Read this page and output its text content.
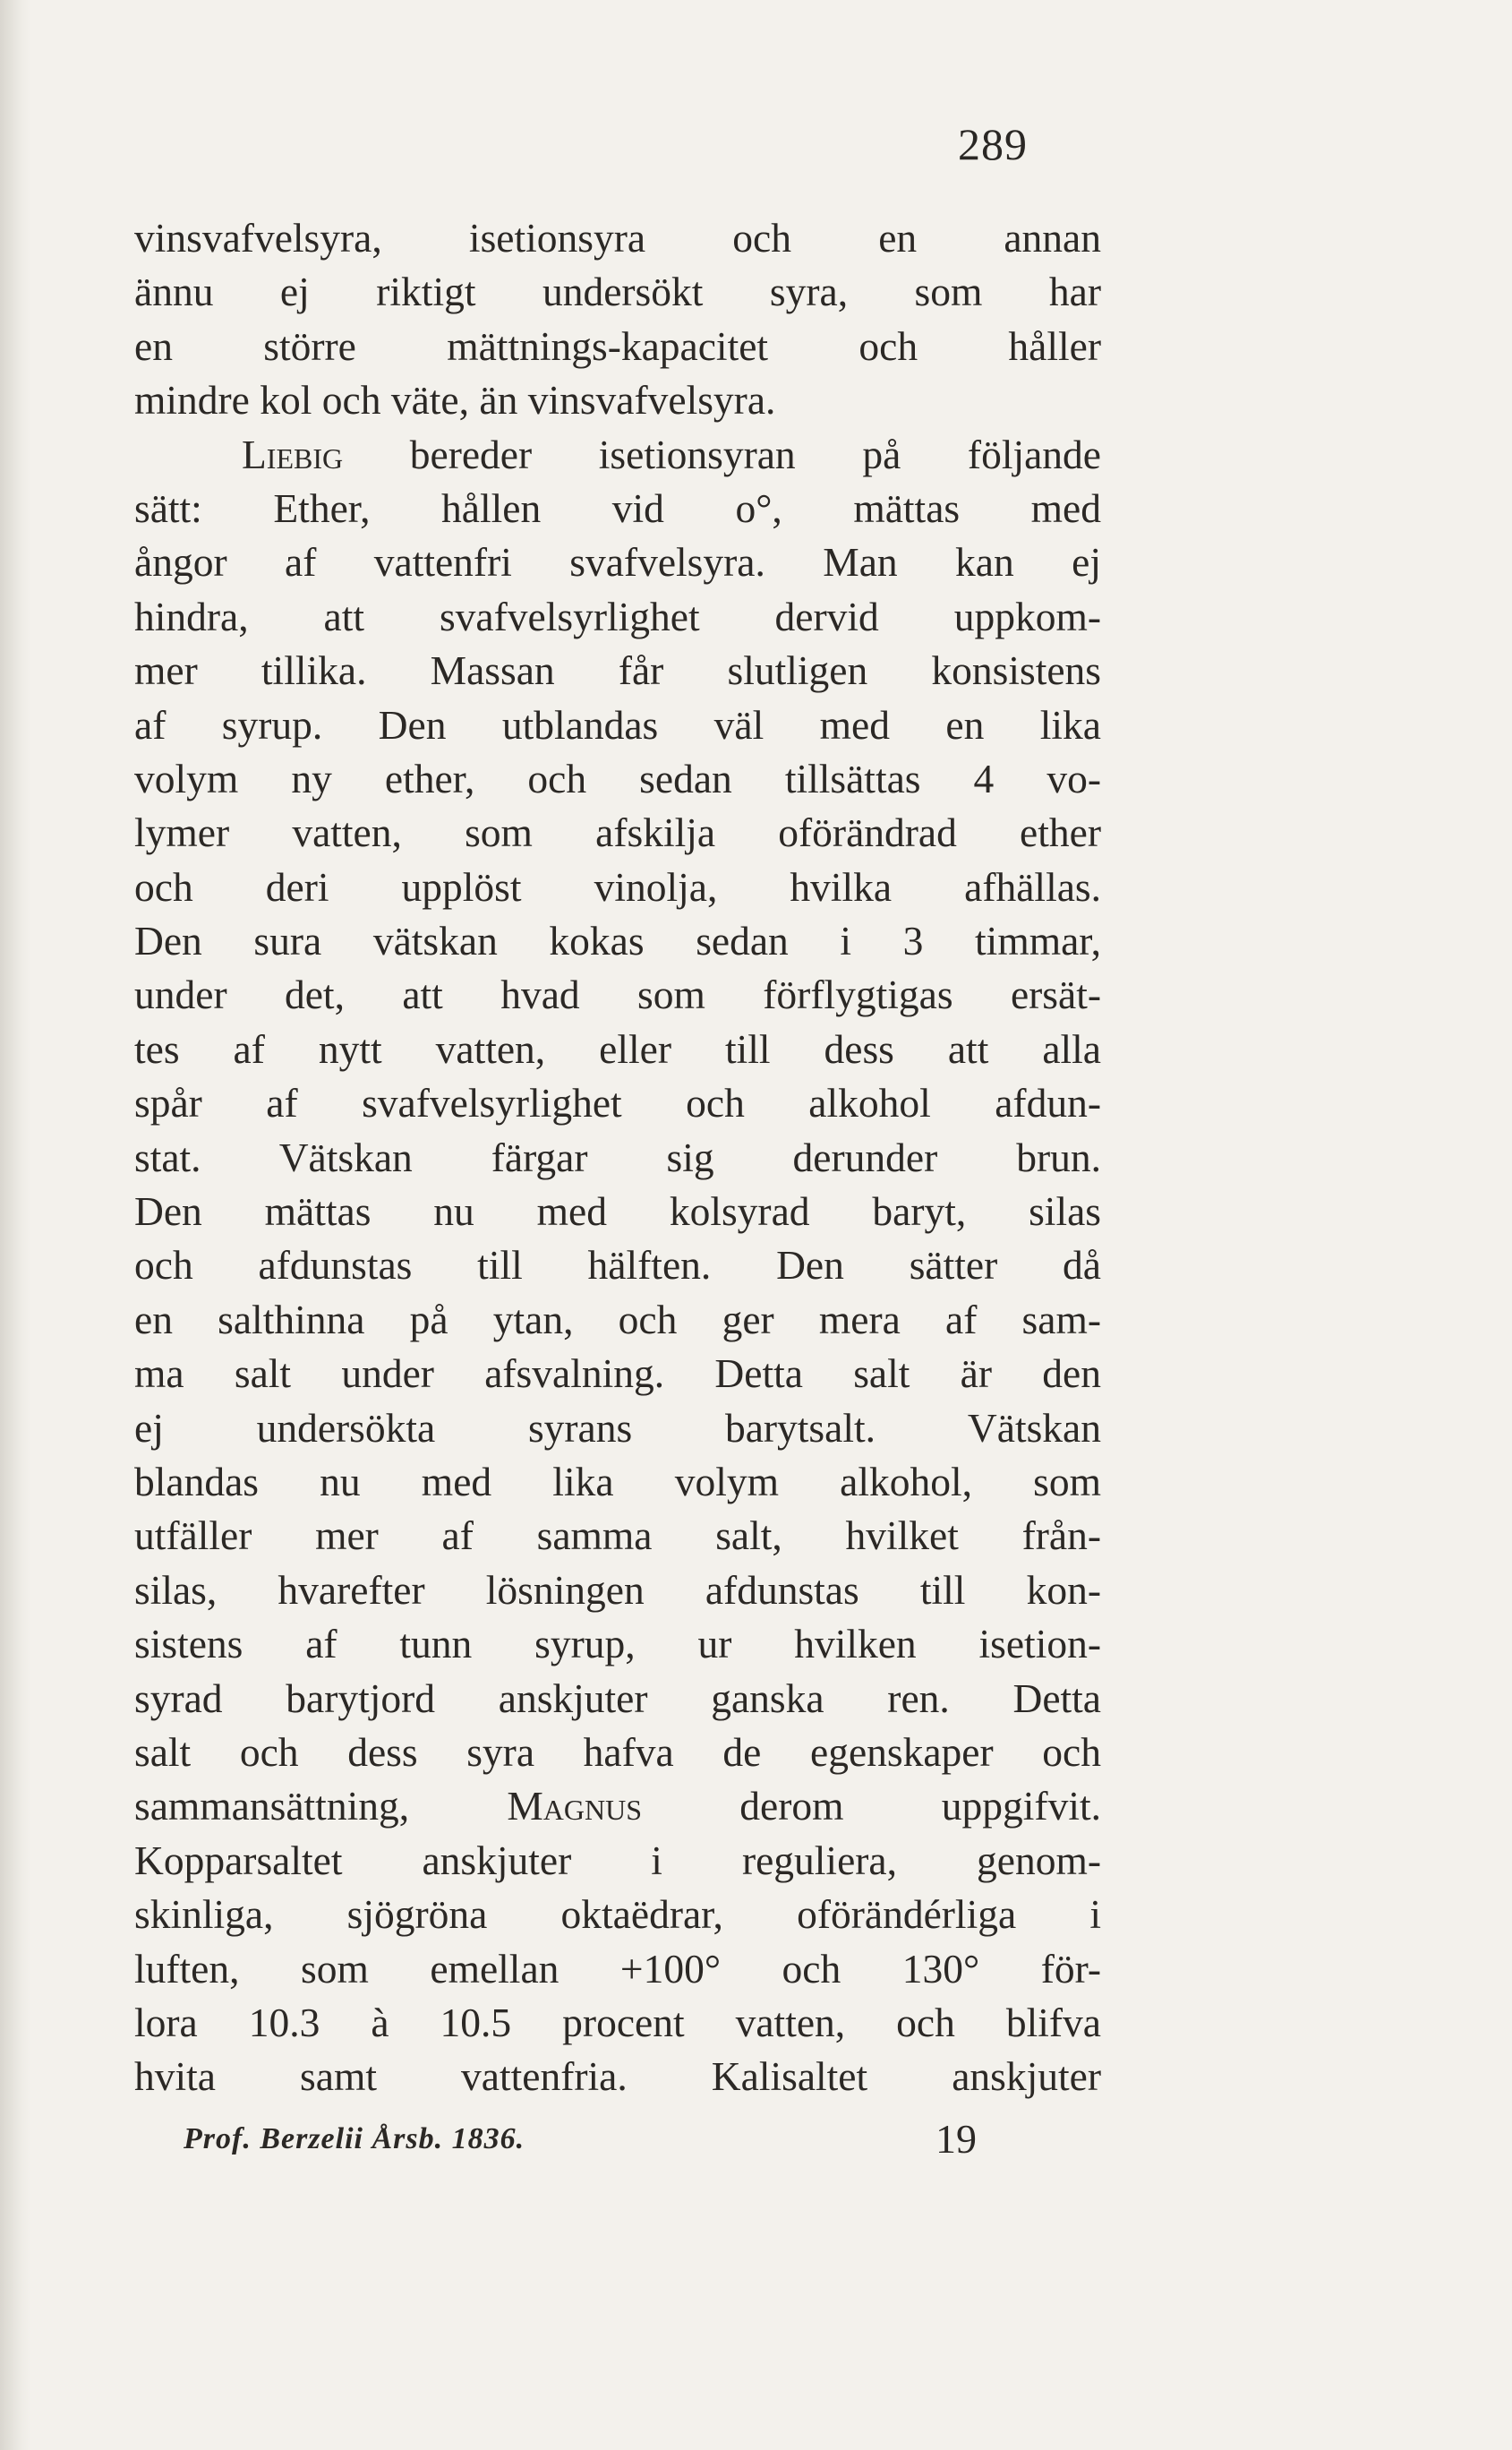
289
vinsvafvelsyra, isetionsyra och en annan
ännu ej riktigt undersökt syra, som har
en större mättnings-kapacitet och håller
mindre kol och väte, än vinsvafvelsyra.
Liebig bereder isetionsyran på följande
sätt: Ether, hållen vid o°, mättas med
ångor af vattenfri svafvelsyra. Man kan ej
hindra, att svafvelsyrlighet dervid uppkom-
mer tillika. Massan får slutligen konsistens
af syrup. Den utblandas väl med en lika
volym ny ether, och sedan tillsättas 4 vo-
lymer vatten, som afskilja oförändrad ether
och deri upplöst vinolja, hvilka afhällas.
Den sura vätskan kokas sedan i 3 timmar,
under det, att hvad som förflygtigas ersät-
tes af nytt vatten, eller till dess att alla
spår af svafvelsyrlighet och alkohol afdun-
stat. Vätskan färgar sig derunder brun.
Den mättas nu med kolsyrad baryt, silas
och afdunstas till hälften. Den sätter då
en salthinna på ytan, och ger mera af sam-
ma salt under afsvalning. Detta salt är den
ej undersökta syrans barytsalt. Vätskan
blandas nu med lika volym alkohol, som
utfäller mer af samma salt, hvilket från-
silas, hvarefter lösningen afdunstas till kon-
sistens af tunn syrup, ur hvilken isetion-
syrad barytjord anskjuter ganska ren. Detta
salt och dess syra hafva de egenskaper och
sammansättning, Magnus derom uppgifvit.
Kopparsaltet anskjuter i reguliera, genom-
skinliga, sjögröna oktaëdrar, oförändérliga i
luften, som emellan +100° och 130° för-
lora 10.3 à 10.5 procent vatten, och blifva
hvita samt vattenfria. Kalisaltet anskjuter
Prof. Berzelii Årsb. 1836.	19
